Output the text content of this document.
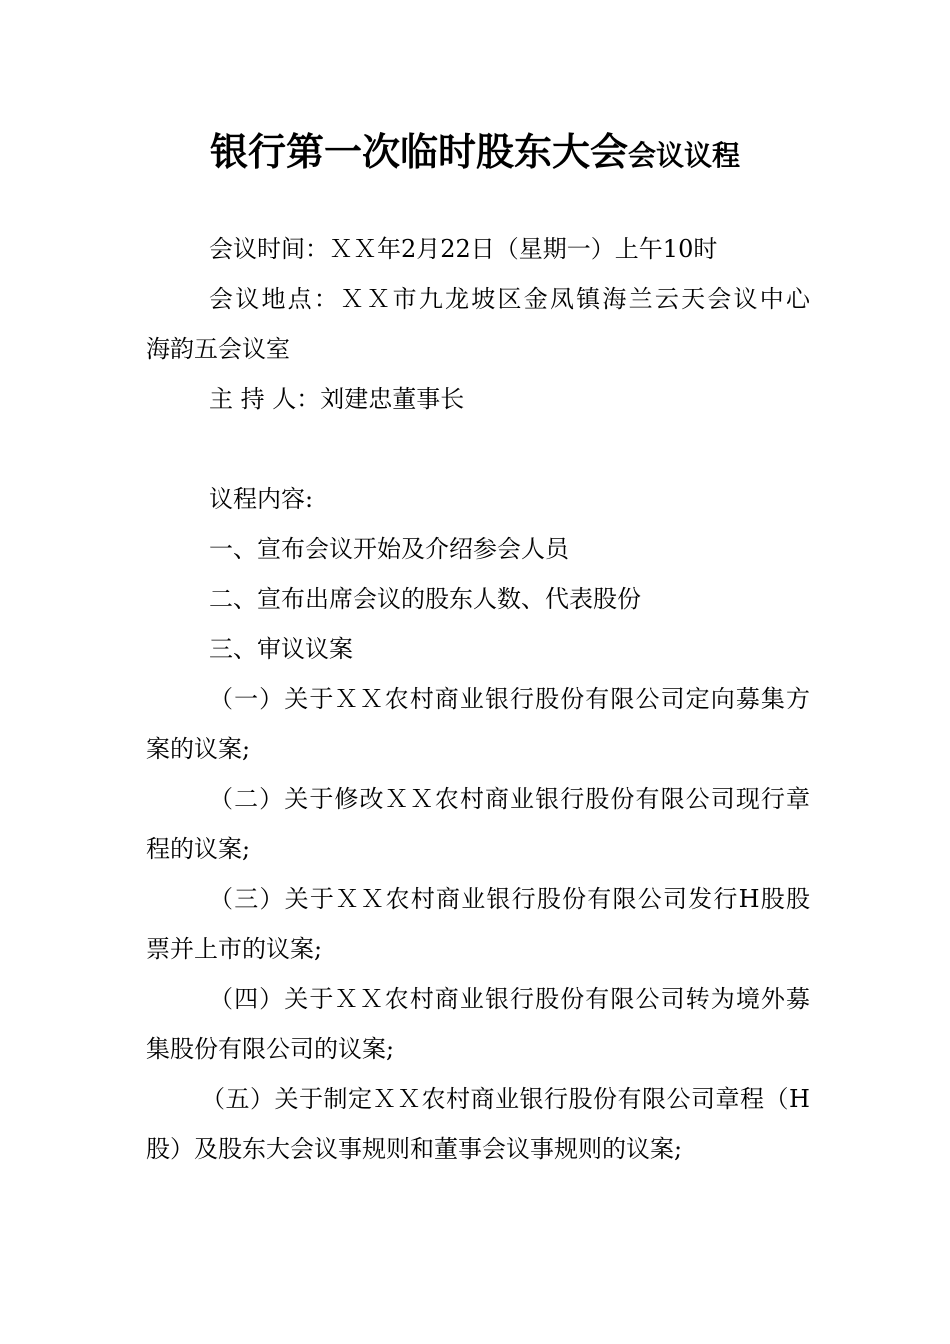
银行第一次临时股东大会会议议程

会议时间：ＸＸ年2月22日（星期一）上午10时

会议地点：ＸＸ市九龙坡区金凤镇海兰云天会议中心

海韵五会议室

主 持 人：刘建忠董事长

议程内容:

一、宣布会议开始及介绍参会人员

二、宣布出席会议的股东人数、代表股份

三、审议议案

（一）关于ＸＸ农村商业银行股份有限公司定向募集方

案的议案;

（二）关于修改ＸＸ农村商业银行股份有限公司现行章

程的议案;

（三）关于ＸＸ农村商业银行股份有限公司发行H股股

票并上市的议案;

（四）关于ＸＸ农村商业银行股份有限公司转为境外募

集股份有限公司的议案;

（五）关于制定ＸＸ农村商业银行股份有限公司章程（H

股）及股东大会议事规则和董事会议事规则的议案;
